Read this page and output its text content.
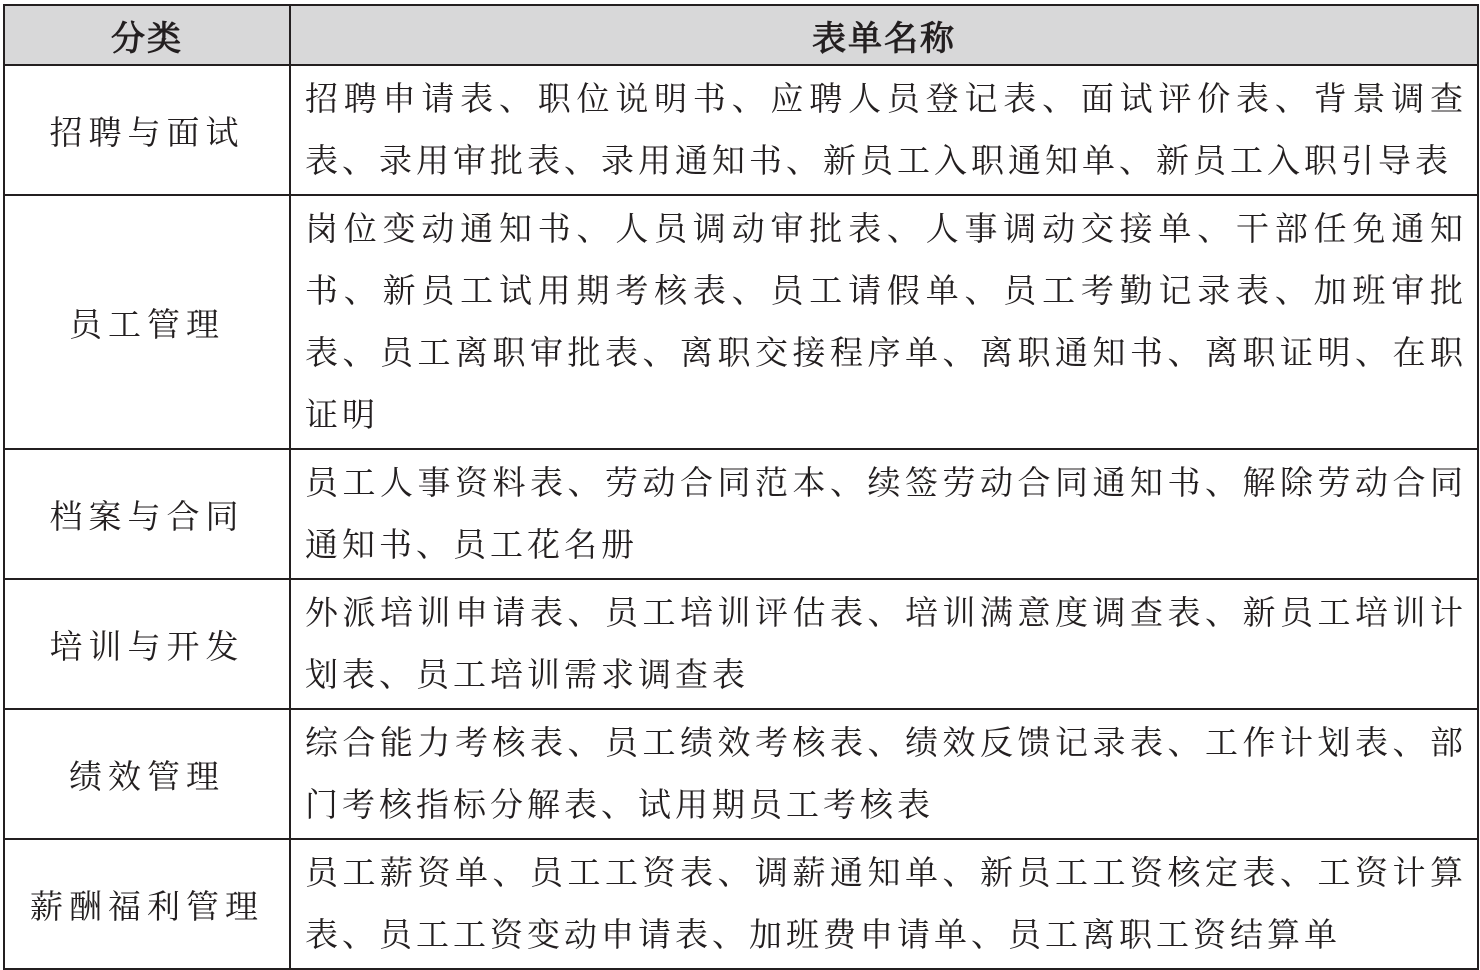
分类	表单名称
招聘与面试	招聘申请表、职位说明书、应聘人员登记表、面试评价表、背景调查表、录用审批表、录用通知书、新员工入职通知单、新员工入职引导表
员工管理	岗位变动通知书、人员调动审批表、人事调动交接单、干部任免通知书、新员工试用期考核表、员工请假单、员工考勤记录表、加班审批表、员工离职审批表、离职交接程序单、离职通知书、离职证明、在职证明
档案与合同	员工人事资料表、劳动合同范本、续签劳动合同通知书、解除劳动合同通知书、员工花名册
培训与开发	外派培训申请表、员工培训评估表、培训满意度调查表、新员工培训计划表、员工培训需求调查表
绩效管理	综合能力考核表、员工绩效考核表、绩效反馈记录表、工作计划表、部门考核指标分解表、试用期员工考核表
薪酬福利管理	员工薪资单、员工工资表、调薪通知单、新员工工资核定表、工资计算表、员工工资变动申请表、加班费申请单、员工离职工资结算单
